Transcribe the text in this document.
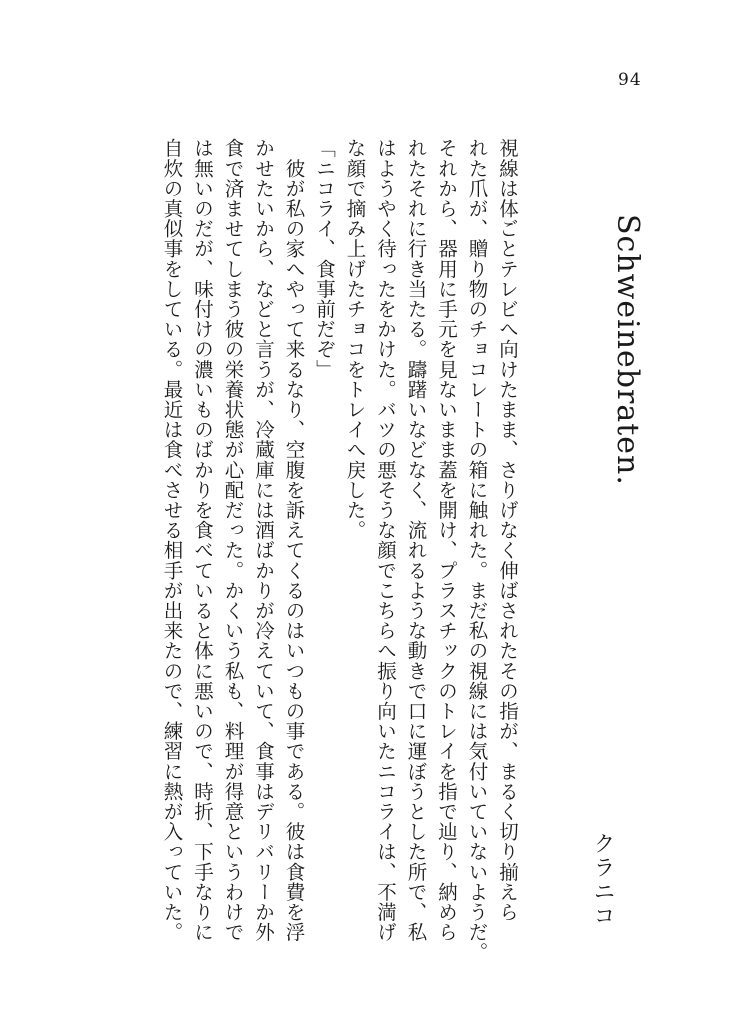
94
Schweinebraten.
クラニコ
視線は体ごとテレビへ向けたまま、さりげなく伸ばされたその指が、まるく切り揃えら
れた爪が、贈り物のチョコレートの箱に触れた。まだ私の視線には気付いていないようだ。
それから、器用に手元を見ないまま蓋を開け、プラスチックのトレイを指で辿り、納めら
れたそれに行き当たる。躊躇いなどなく、流れるような動きで口に運ぼうとした所で、私
はようやく待ったをかけた。バツの悪そうな顔でこちらへ振り向いたニコライは、不満げ
な顔で摘み上げたチョコをトレイへ戻した。
「ニコライ、食事前だぞ」
　彼が私の家へやって来るなり、空腹を訴えてくるのはいつもの事である。彼は食費を浮
かせたいから、などと言うが、冷蔵庫には酒ばかりが冷えていて、食事はデリバリーか外
食で済ませてしまう彼の栄養状態が心配だった。かくいう私も、料理が得意というわけで
は無いのだが、味付けの濃いものばかりを食べていると体に悪いので、時折、下手なりに
自炊の真似事をしている。最近は食べさせる相手が出来たので、練習に熱が入っていた。
